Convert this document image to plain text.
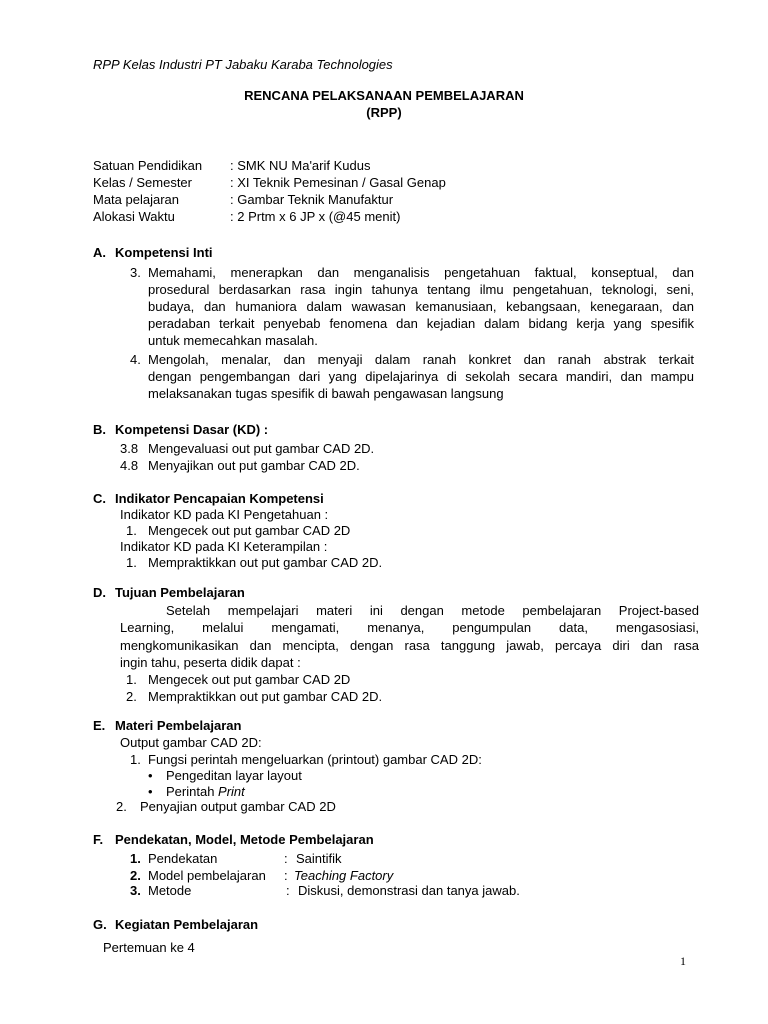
RPP Kelas Industri PT Jabaku Karaba Technologies
RENCANA PELAKSANAAN PEMBELAJARAN
(RPP)
Satuan Pendidikan : SMK NU Ma'arif Kudus
Kelas / Semester	: XI Teknik Pemesinan / Gasal Genap
Mata pelajaran	: Gambar Teknik Manufaktur
Alokasi Waktu	: 2 Prtm x 6 JP x (@45 menit)
A. Kompetensi Inti
3. Memahami, menerapkan dan menganalisis pengetahuan faktual, konseptual, dan
prosedural berdasarkan rasa ingin tahunya tentang ilmu pengetahuan, teknologi, seni,
budaya, dan humaniora dalam wawasan kemanusiaan, kebangsaan, kenegaraan, dan
peradaban terkait penyebab fenomena dan kejadian dalam bidang kerja yang spesifik
untuk memecahkan masalah.
4. Mengolah, menalar, dan menyaji dalam ranah konkret dan ranah abstrak terkait
dengan pengembangan dari yang dipelajarinya di sekolah secara mandiri, dan mampu
melaksanakan tugas spesifik di bawah pengawasan langsung
B. Kompetensi Dasar (KD) :
3.8 Mengevaluasi out put gambar CAD 2D.
4.8 Menyajikan out put gambar CAD 2D.
C. Indikator Pencapaian Kompetensi
Indikator KD pada KI Pengetahuan :
1. Mengecek out put gambar CAD 2D
Indikator KD pada KI Keterampilan :
1. Mempraktikkan out put gambar CAD 2D.
D. Tujuan Pembelajaran
Setelah mempelajari materi ini dengan metode pembelajaran Project-based
Learning, melalui mengamati, menanya, pengumpulan data, mengasosiasi,
mengkomunikasikan dan mencipta, dengan rasa tanggung jawab, percaya diri dan rasa
ingin tahu, peserta didik dapat :
1. Mengecek out put gambar CAD 2D
2. Mempraktikkan out put gambar CAD 2D.
E. Materi Pembelajaran
Output gambar CAD 2D:
1. Fungsi perintah mengeluarkan (printout) gambar CAD 2D:
• Pengeditan layar layout
• Perintah Print
2. Penyajian output gambar CAD 2D
F. Pendekatan, Model, Metode Pembelajaran
1. Pendekatan	: Saintifik
2. Model pembelajaran : Teaching Factory
3. Metode	: Diskusi, demonstrasi dan tanya jawab.
G. Kegiatan Pembelajaran
Pertemuan ke 4
1
